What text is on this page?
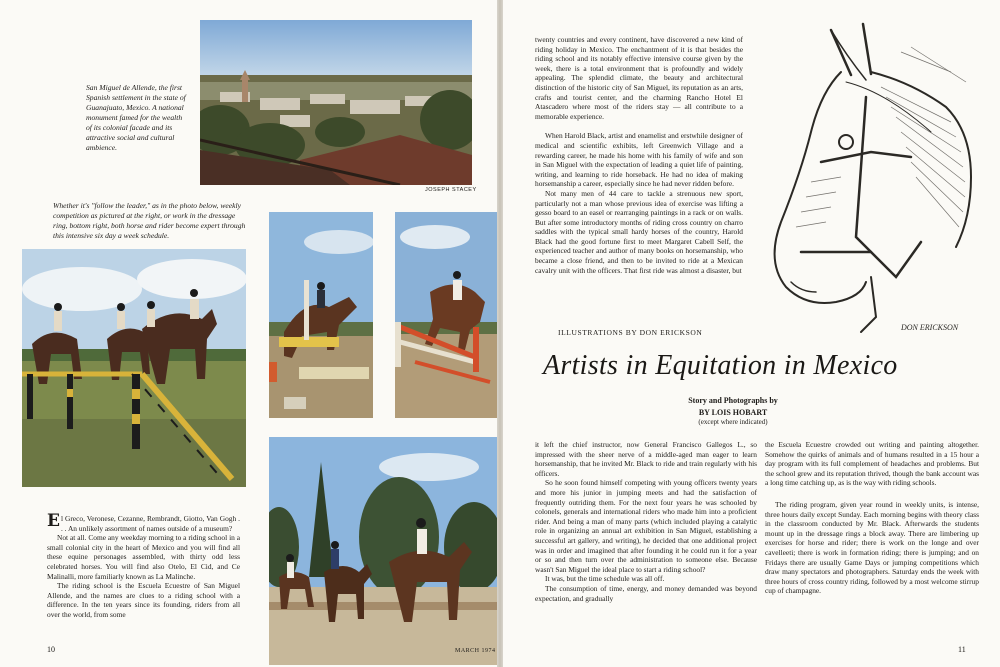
San Miguel de Allende, the first Spanish settlement in the state of Guanajuato, Mexico. A national monument famed for the wealth of its colonial facade and its attractive social and cultural ambience.
JOSEPH STACEY
Whether it's "follow the leader," as in the photo below, weekly competition as pictured at the right, or work in the dressage ring, bottom right, both horse and rider become expert through this intensive six day a week schedule.

El Greco, Veronese, Cezanne, Rembrandt, Giotto, Van Gogh . . . An unlikely assortment of names outside of a museum?

Not at all. Come any weekday morning to a riding school in a small colonial city in the heart of Mexico and you will find all these equine personages assembled, with thirty odd less celebrated horses. You will find also Otelo, El Cid, and Ce Malinalli, more familiarly known as La Malinche.

The riding school is the Escuela Ecuestre of San Miguel Allende, and the names are clues to a riding school with a difference. In the ten years since its founding, riders from all over the world, from some

10	MARCH 1974

twenty countries and every continent, have discovered a new kind of riding holiday in Mexico. The enchantment of it is that besides the riding school and its notably effective intensive course given by the week, there is a total environment that is profoundly and widely appealing. The splendid climate, the beauty and architectural distinction of the historic city of San Miguel, its reputation as an arts, crafts and tourist center, and the charming Rancho Hotel El Atascadero where most of the riders stay — all contribute to a memorable experience.

When Harold Black, artist and enamelist and erstwhile designer of medical and scientific exhibits, left Greenwich Village and a rewarding career, he made his home with his family of wife and son in San Miguel with the expectation of leading a quiet life of painting, writing, and learning to ride horseback. He had no idea of making horsemanship a career, especially since he had never ridden before.

Not many men of 44 care to tackle a strenuous new sport, particularly not a man whose previous idea of exercise was lifting a gesso board to an easel or rearranging paintings in a rack or on walls. But after some introductory months of riding cross country on charro saddles with the typical small hardy horses of the country, Harold Black had the good fortune first to meet Margaret Cabell Self, the experienced teacher and author of many books on horsemanship, who became a close friend, and then to be invited to ride at a Mexican cavalry unit with the officers. That first ride was almost a disaster, but

DON ERICKSON
ILLUSTRATIONS BY DON ERICKSON
Artists in Equitation in Mexico
Story and Photographs by
BY LOIS HOBART
(except where indicated)

it left the chief instructor, now General Francisco Gallegos L., so impressed with the sheer nerve of a middle-aged man eager to learn horsemanship, that he invited Mr. Black to ride and train regularly with his officers.

So he soon found himself competing with young officers twenty years and more his junior in jumping meets and had the satisfaction of frequently outriding them. For the next four years he was schooled by colonels, generals and international riders who made him into a proficient rider. And being a man of many parts (which included playing a catalytic role in organizing an annual art exhibition in San Miguel, establishing a successful art gallery, and writing), he decided that one additional project was in order and imagined that after founding it he could run it for a year or so and then turn over the administration to someone else. Because wasn't San Miguel the ideal place to start a riding school?

It was, but the time schedule was all off.

The consumption of time, energy, and money demanded was beyond expectation, and gradually

the Escuela Ecuestre crowded out writing and painting altogether. Somehow the quirks of animals and of humans resulted in a 15 hour a day program with its full complement of headaches and problems. But the school grew and its reputation thrived, though the bank account was a long time catching up, as is the way with riding schools.

The riding program, given year round in weekly units, is intense, three hours daily except Sunday. Each morning begins with theory class in the classroom conducted by Mr. Black. Afterwards the students mount up in the dressage rings a block away. There are limbering up exercises for horse and rider; there is work on the longe and over cavelleeti; there is work in formation riding; there is jumping; and on Fridays there are usually Game Days or jumping competitions which draw many spectators and photographers. Saturday ends the week with three hours of cross country riding, followed by a most welcome stirrup cup of champagne.

11
